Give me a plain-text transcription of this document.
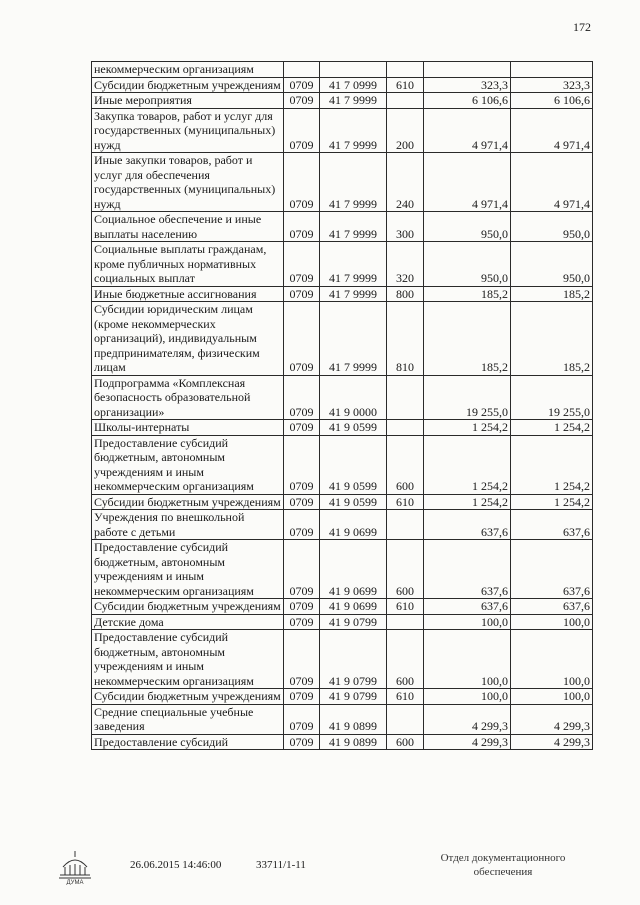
172
некоммерческим организациям					
Субсидии бюджетным учреждениям	0709	41 7 0999	610	323,3	323,3
Иные мероприятия	0709	41 7 9999		6 106,6	6 106,6
Закупка товаров, работ и услуг для государственных (муниципальных) нужд	0709	41 7 9999	200	4 971,4	4 971,4
Иные закупки товаров, работ и услуг для обеспечения государственных (муниципальных) нужд	0709	41 7 9999	240	4 971,4	4 971,4
Социальное обеспечение и иные выплаты населению	0709	41 7 9999	300	950,0	950,0
Социальные выплаты гражданам, кроме публичных нормативных социальных выплат	0709	41 7 9999	320	950,0	950,0
Иные бюджетные ассигнования	0709	41 7 9999	800	185,2	185,2
Субсидии юридическим лицам (кроме некоммерческих организаций), индивидуальным предпринимателям, физическим лицам	0709	41 7 9999	810	185,2	185,2
Подпрограмма «Комплексная безопасность образовательной организации»	0709	41 9 0000		19 255,0	19 255,0
Школы-интернаты	0709	41 9 0599		1 254,2	1 254,2
Предоставление субсидий бюджетным, автономным учреждениям и иным некоммерческим организациям	0709	41 9 0599	600	1 254,2	1 254,2
Субсидии бюджетным учреждениям	0709	41 9 0599	610	1 254,2	1 254,2
Учреждения по внешкольной работе с детьми	0709	41 9 0699		637,6	637,6
Предоставление субсидий бюджетным, автономным учреждениям и иным некоммерческим организациям	0709	41 9 0699	600	637,6	637,6
Субсидии бюджетным учреждениям	0709	41 9 0699	610	637,6	637,6
Детские дома	0709	41 9 0799		100,0	100,0
Предоставление субсидий бюджетным, автономным учреждениям и иным некоммерческим организациям	0709	41 9 0799	600	100,0	100,0
Субсидии бюджетным учреждениям	0709	41 9 0799	610	100,0	100,0
Средние специальные учебные заведения	0709	41 9 0899		4 299,3	4 299,3
Предоставление субсидий	0709	41 9 0899	600	4 299,3	4 299,3
ДУМА
26.06.2015 14:46:00	33711/1-11
Отдел документационного
обеспечения
